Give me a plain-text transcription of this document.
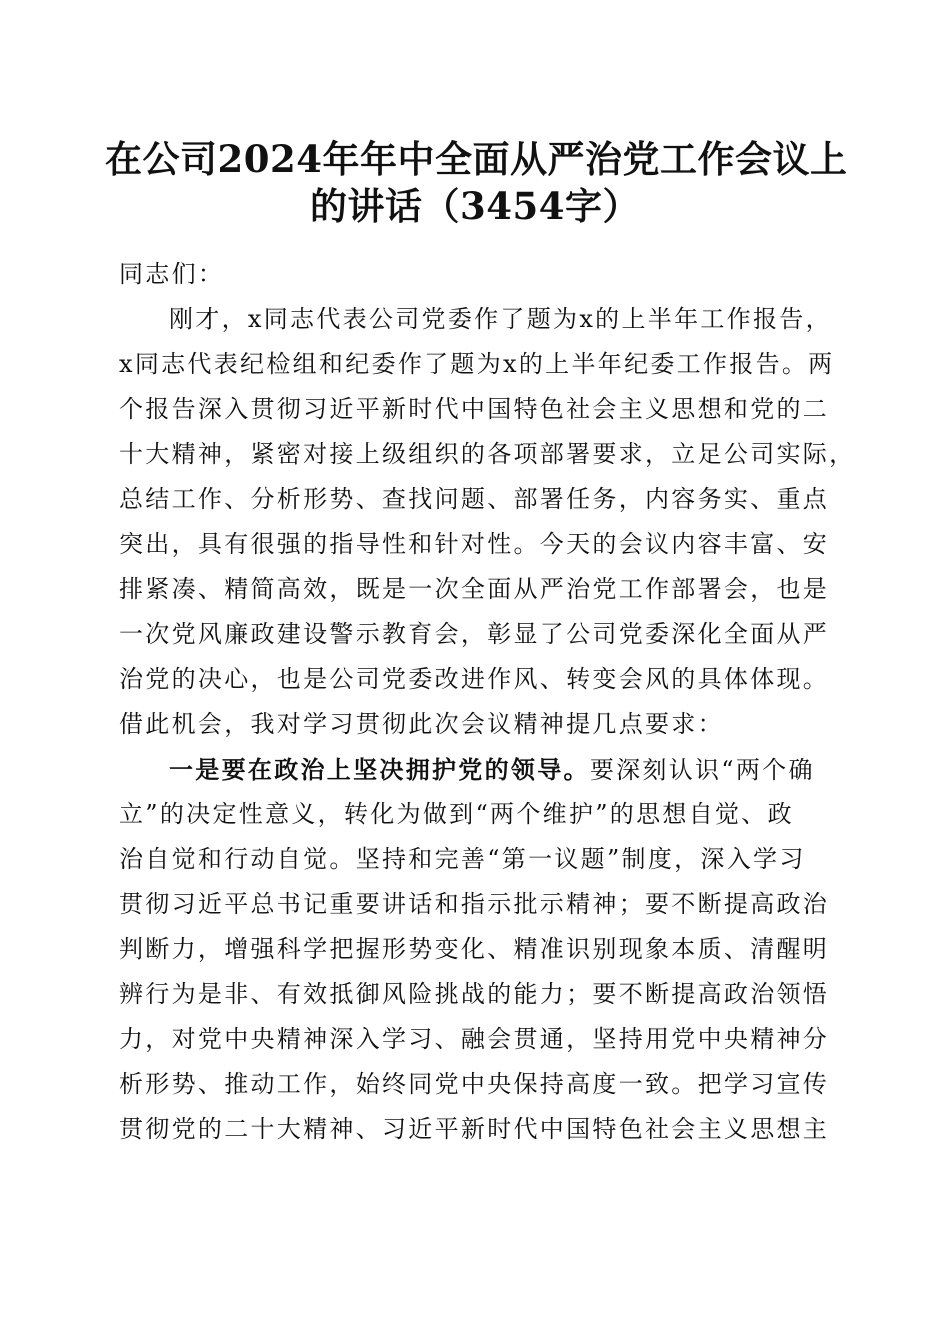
在公司2024年年中全面从严治党工作会议上
的讲话（3454字）
同志们：
刚才，x同志代表公司党委作了题为x的上半年工作报告，
x同志代表纪检组和纪委作了题为x的上半年纪委工作报告。两
个报告深入贯彻习近平新时代中国特色社会主义思想和党的二
十大精神，紧密对接上级组织的各项部署要求，立足公司实际，
总结工作、分析形势、查找问题、部署任务，内容务实、重点
突出，具有很强的指导性和针对性。今天的会议内容丰富、安
排紧凑、精简高效，既是一次全面从严治党工作部署会，也是
一次党风廉政建设警示教育会，彰显了公司党委深化全面从严
治党的决心，也是公司党委改进作风、转变会风的具体体现。
借此机会，我对学习贯彻此次会议精神提几点要求：
一是要在政治上坚决拥护党的领导。要深刻认识“两个确
立”的决定性意义，转化为做到“两个维护”的思想自觉、政
治自觉和行动自觉。坚持和完善“第一议题”制度，深入学习
贯彻习近平总书记重要讲话和指示批示精神；要不断提高政治
判断力，增强科学把握形势变化、精准识别现象本质、清醒明
辨行为是非、有效抵御风险挑战的能力；要不断提高政治领悟
力，对党中央精神深入学习、融会贯通，坚持用党中央精神分
析形势、推动工作，始终同党中央保持高度一致。把学习宣传
贯彻党的二十大精神、习近平新时代中国特色社会主义思想主
